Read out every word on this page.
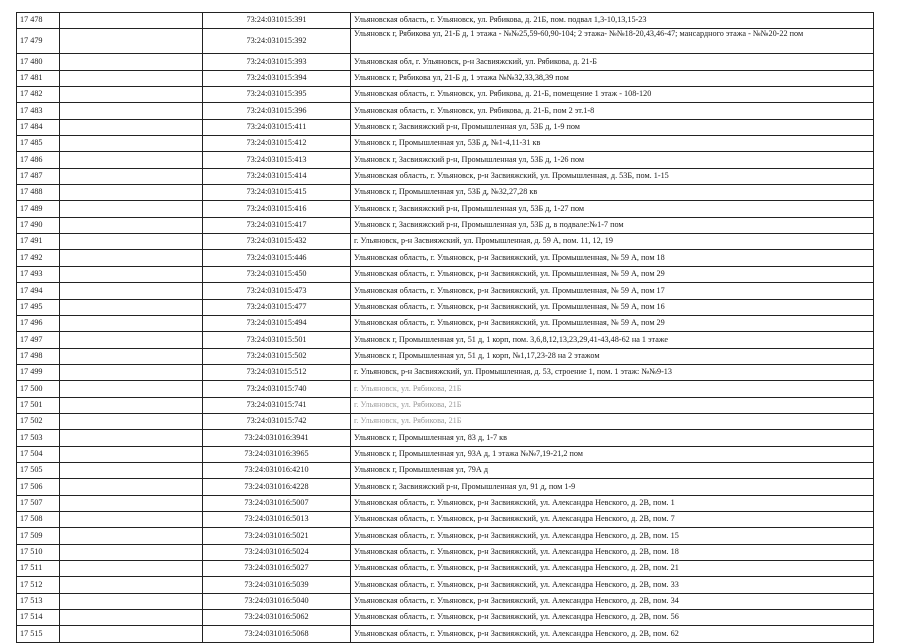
17 478		73:24:031015:391	Ульяновская область, г. Ульяновск, ул. Рябикова, д. 21Б, пом. подвал 1,3-10,13,15-23
17 479		73:24:031015:392	Ульяновск г, Рябикова ул, 21-Б д, 1 этажа - №№25,59-60,90-104; 2 этажа- №№18-20,43,46-47; мансардного этажа - №№20-22 пом
17 480		73:24:031015:393	Ульяновская обл, г. Ульяновск, р-н Засвияжский, ул. Рябикова, д. 21-Б
17 481		73:24:031015:394	Ульяновск г, Рябикова ул, 21-Б д, 1 этажа №№32,33,38,39 пом
17 482		73:24:031015:395	Ульяновская область, г. Ульяновск, ул. Рябикова, д. 21-Б, помещение 1 этаж - 108-120
17 483		73:24:031015:396	Ульяновская область, г. Ульяновск, ул. Рябикова, д. 21-Б, пом 2 эт.1-8
17 484		73:24:031015:411	Ульяновск г, Засвияжский р-н, Промышленная ул, 53Б д, 1-9 пом
17 485		73:24:031015:412	Ульяновск г, Промышленная ул, 53Б д, №1-4,11-31 кв
17 486		73:24:031015:413	Ульяновск г, Засвияжский р-н, Промышленная ул, 53Б д, 1-26 пом
17 487		73:24:031015:414	Ульяновская область, г. Ульяновск, р-н Засвияжский, ул. Промышленная, д. 53Б, пом. 1-15
17 488		73:24:031015:415	Ульяновск г, Промышленная ул, 53Б д, №32,27,28 кв
17 489		73:24:031015:416	Ульяновск г, Засвияжский р-н, Промышленная ул, 53Б д, 1-27 пом
17 490		73:24:031015:417	Ульяновск г, Засвияжский р-н, Промышленная ул, 53Б д, в подвале:№1-7 пом
17 491		73:24:031015:432	г. Ульяновск, р-н Засвияжский, ул. Промышленная, д. 59 А, пом. 11, 12, 19
17 492		73:24:031015:446	Ульяновская область, г. Ульяновск, р-н Засвияжский, ул. Промышленная, № 59 А, пом 18
17 493		73:24:031015:450	Ульяновская область, г. Ульяновск, р-н Засвияжский, ул. Промышленная, № 59 А, пом 29
17 494		73:24:031015:473	Ульяновская область, г. Ульяновск, р-н Засвияжский, ул. Промышленная, № 59 А, пом 17
17 495		73:24:031015:477	Ульяновская область, г. Ульяновск, р-н Засвияжский, ул. Промышленная, № 59 А, пом 16
17 496		73:24:031015:494	Ульяновская область, г. Ульяновск, р-н Засвияжский, ул. Промышленная, № 59 А, пом 29
17 497		73:24:031015:501	Ульяновск г, Промышленная ул, 51 д, 1 корп, пом. 3,6,8,12,13,23,29,41-43,48-62 на 1 этаже
17 498		73:24:031015:502	Ульяновск г, Промышленная ул, 51 д, 1 корп, №1,17,23-28 на 2 этажом
17 499		73:24:031015:512	г. Ульяновск, р-н Засвияжский, ул. Промышленная, д. 53, строение 1, пом. 1 этаж: №№9-13
17 500		73:24:031015:740	г. Ульяновск, ул. Рябикова, 21Б
17 501		73:24:031015:741	г. Ульяновск, ул. Рябикова, 21Б
17 502		73:24:031015:742	г. Ульяновск, ул. Рябикова, 21Б
17 503		73:24:031016:3941	Ульяновск г, Промышленная ул, 83 д, 1-7 кв
17 504		73:24:031016:3965	Ульяновск г, Промышленная ул, 93А д, 1 этажа №№7,19-21,2 пом
17 505		73:24:031016:4210	Ульяновск г, Промышленная ул, 79А д
17 506		73:24:031016:4228	Ульяновск г, Засвияжский р-н, Промышленная ул, 91 д, пом 1-9
17 507		73:24:031016:5007	Ульяновская область, г. Ульяновск, р-н Засвияжский, ул. Александра Невского, д. 2В, пом. 1
17 508		73:24:031016:5013	Ульяновская область, г. Ульяновск, р-н Засвияжский, ул. Александра Невского, д. 2В, пом. 7
17 509		73:24:031016:5021	Ульяновская область, г. Ульяновск, р-н Засвияжский, ул. Александра Невского, д. 2В, пом. 15
17 510		73:24:031016:5024	Ульяновская область, г. Ульяновск, р-н Засвияжский, ул. Александра Невского, д. 2В, пом. 18
17 511		73:24:031016:5027	Ульяновская область, г. Ульяновск, р-н Засвияжский, ул. Александра Невского, д. 2В, пом. 21
17 512		73:24:031016:5039	Ульяновская область, г. Ульяновск, р-н Засвияжский, ул. Александра Невского, д. 2В, пом. 33
17 513		73:24:031016:5040	Ульяновская область, г. Ульяновск, р-н Засвияжский, ул. Александра Невского, д. 2В, пом. 34
17 514		73:24:031016:5062	Ульяновская область, г. Ульяновск, р-н Засвияжский, ул. Александра Невского, д. 2В, пом. 56
17 515		73:24:031016:5068	Ульяновская область, г. Ульяновск, р-н Засвияжский, ул. Александра Невского, д. 2В, пом. 62
